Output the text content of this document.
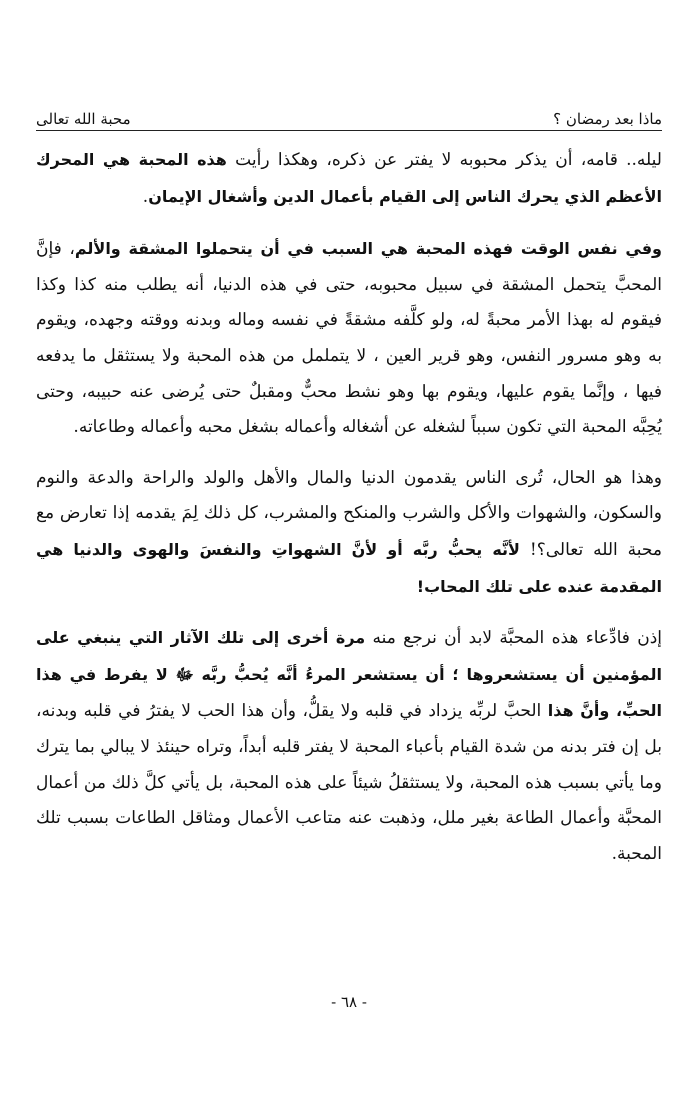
ماذا بعد رمضان ؟
محبة الله تعالى

ليله.. قامه، أن يذكر محبوبه لا يفتر عن ذكره، وهكذا رأيت هذه المحبة هي المحرك الأعظم الذي يحرك الناس إلى القيام بأعمال الدين وأشغال الإيمان.

وفي نفس الوقت فهذه المحبة هي السبب في أن يتحملوا المشقة والألم، فإنَّ المحبَّ يتحمل المشقة في سبيل محبوبه، حتى في هذه الدنيا، أنه يطلب منه كذا وكذا فيقوم له بهذا الأمر محبةً له، ولو كلَّفه مشقةً في نفسه وماله وبدنه ووقته وجهده، ويقوم به وهو مسرور النفس، وهو قرير العين ، لا يتململ من هذه المحبة ولا يستثقل ما يدفعه فيها ، وإنَّما يقوم عليها، ويقوم بها وهو نشط محبٌّ ومقبلٌ حتى يُرضى عنه حبيبه، وحتى يُحِبَّه المحبة التي تكون سبباً لشغله عن أشغاله وأعماله بشغل محبه وأعماله وطاعاته.

وهذا هو الحال، تُرى الناس يقدمون الدنيا والمال والأهل والولد والراحة والدعة والنوم والسكون، والشهوات والأكل والشرب والمنكح والمشرب، كل ذلك لِمَ يقدمه إذا تعارض مع محبة الله تعالى؟! لأنَّه يحبُّ ربَّه أو لأنَّ الشهواتِ والنفسَ والهوى والدنيا هي المقدمة عنده على تلك المحاب!

إذن فادِّعاء هذه المحبَّة لابد أن نرجع منه مرة أخرى إلى تلك الآثار التي ينبغي على المؤمنين أن يستشعروها ؛ أن يستشعر المرءُ أنَّه يُحبُّ ربَّه ﷻ لا يفرط في هذا الحبِّ، وأنَّ هذا الحبَّ لربِّه يزداد في قلبه ولا يقلُّ، وأن هذا الحب لا يفترُ في قلبه وبدنه، بل إن فتر بدنه من شدة القيام بأعباء المحبة لا يفتر قلبه أبداً، وتراه حينئذ لا يبالي بما يترك وما يأتي بسبب هذه المحبة، ولا يستثقلُ شيئاً على هذه المحبة، بل يأتي كلَّ ذلك من أعمال المحبَّة وأعمال الطاعة بغير ملل، وذهبت عنه متاعب الأعمال ومثاقل الطاعات بسبب تلك المحبة.

- ٦٨ -
